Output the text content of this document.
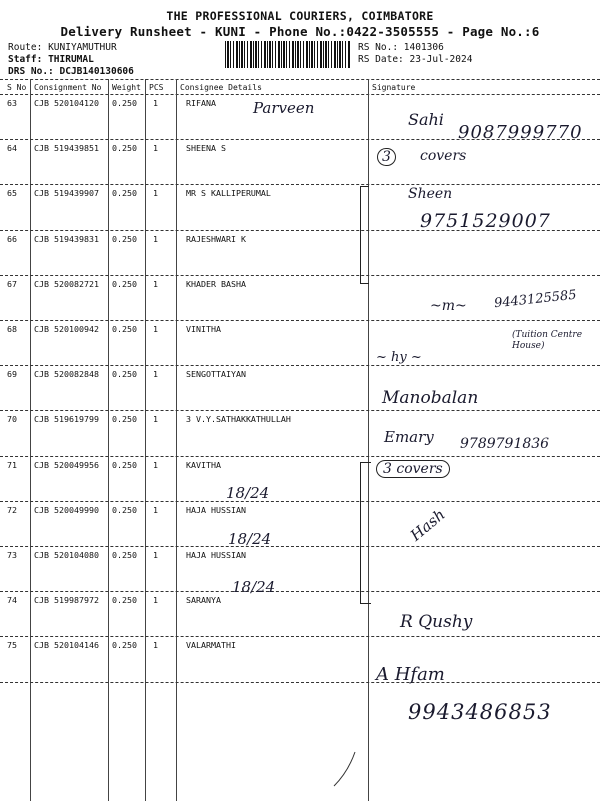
THE PROFESSIONAL COURIERS, COIMBATORE
Delivery Runsheet - KUNI - Phone No.:0422-3505555 - Page No.:6
Route: KUNIYAMUTHUR
Staff: THIRUMAL
DRS No.: DCJB140130606
RS No.: 1401306
RS Date: 23-Jul-2024
S No Consignment No Weight PCS Consignee Details	Signature
63 CJB 520104120 0.250 1	RIFANA
64 CJB 519439851 0.250 1	SHEENA S
65 CJB 519439907 0.250 1	MR S KALLIPERUMAL
66 CJB 519439831 0.250 1	RAJESHWARI K
67 CJB 520082721 0.250 1	KHADER BASHA
68 CJB 520100942 0.250 1	VINITHA
69 CJB 520082848 0.250 1	SENGOTTAIYAN
70 CJB 519619799 0.250 1	3 V.Y.SATHAKKATHULLAH
71 CJB 520049956 0.250 1	KAVITHA
72 CJB 520049990 0.250 1	HAJA HUSSIAN
73 CJB 520104080 0.250 1	HAJA HUSSIAN
74 CJB 519987972 0.250 1	SARANYA
75 CJB 520104146 0.250 1	VALARMATHI
Parveen
Sahi
9087999770
3	covers
Sheen
9751529007
9443125585
~m~
(Tuition Centre House)
~ hy ~
Manobalan
Emary 9789791836
3 covers
18/24
18/24
18/24
Hash
R Qushy
A Hfam
9943486853
